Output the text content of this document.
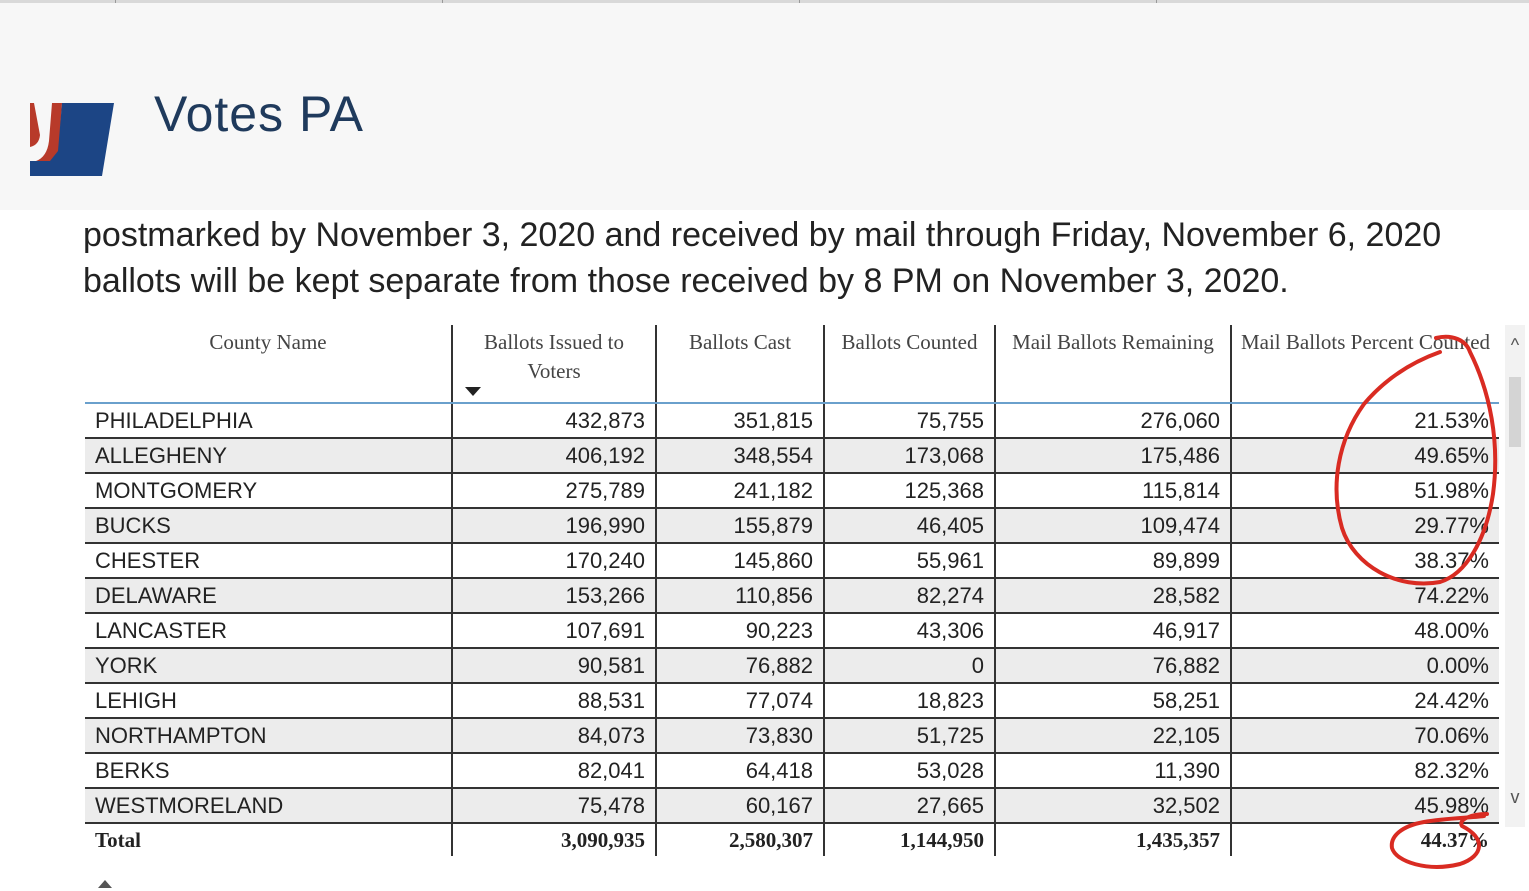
Votes PA
postmarked by November 3, 2020 and received by mail through Friday, November 6, 2020
ballots will be kept separate from those received by 8 PM on November 3, 2020.
County Name	Ballots Issued to Voters	Ballots Cast	Ballots Counted	Mail Ballots Remaining	Mail Ballots Percent Counted
PHILADELPHIA	432,873	351,815	75,755	276,060	21.53%
ALLEGHENY	406,192	348,554	173,068	175,486	49.65%
MONTGOMERY	275,789	241,182	125,368	115,814	51.98%
BUCKS	196,990	155,879	46,405	109,474	29.77%
CHESTER	170,240	145,860	55,961	89,899	38.37%
DELAWARE	153,266	110,856	82,274	28,582	74.22%
LANCASTER	107,691	90,223	43,306	46,917	48.00%
YORK	90,581	76,882	0	76,882	0.00%
LEHIGH	88,531	77,074	18,823	58,251	24.42%
NORTHAMPTON	84,073	73,830	51,725	22,105	70.06%
BERKS	82,041	64,418	53,028	11,390	82.32%
WESTMORELAND	75,478	60,167	27,665	32,502	45.98%
Total	3,090,935	2,580,307	1,144,950	1,435,357	44.37%
^
v
